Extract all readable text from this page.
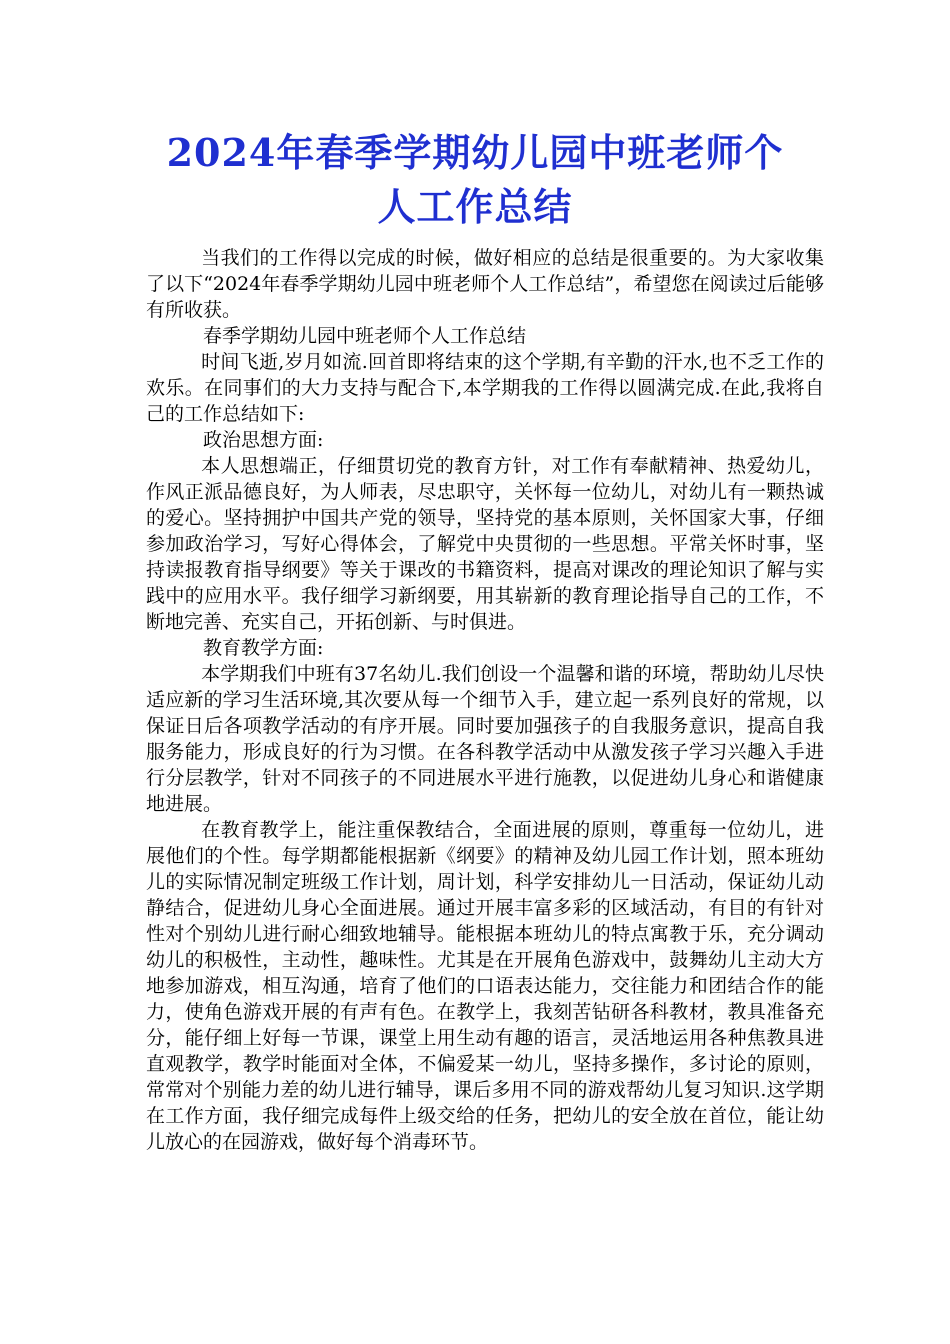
2024年春季学期幼儿园中班老师个
人工作总结

当我们的工作得以完成的时候，做好相应的总结是很重要的。为大家收集了以下“2024年春季学期幼儿园中班老师个人工作总结”，希望您在阅读过后能够有所收获。

春季学期幼儿园中班老师个人工作总结

时间飞逝,岁月如流.回首即将结束的这个学期,有辛勤的汗水,也不乏工作的欢乐。在同事们的大力支持与配合下,本学期我的工作得以圆满完成.在此,我将自己的工作总结如下:

政治思想方面:

本人思想端正，仔细贯切党的教育方针，对工作有奉献精神、热爱幼儿，作风正派品德良好，为人师表，尽忠职守，关怀每一位幼儿，对幼儿有一颗热诚的爱心。坚持拥护中国共产党的领导，坚持党的基本原则，关怀国家大事，仔细参加政治学习，写好心得体会，了解党中央贯彻的一些思想。平常关怀时事，坚持读报教育指导纲要》等关于课改的书籍资料，提高对课改的理论知识了解与实践中的应用水平。我仔细学习新纲要，用其崭新的教育理论指导自己的工作，不断地完善、充实自己，开拓创新、与时俱进。

教育教学方面:

本学期我们中班有37名幼儿.我们创设一个温馨和谐的环境，帮助幼儿尽快适应新的学习生活环境,其次要从每一个细节入手，建立起一系列良好的常规，以保证日后各项教学活动的有序开展。同时要加强孩子的自我服务意识，提高自我服务能力，形成良好的行为习惯。在各科教学活动中从激发孩子学习兴趣入手进行分层教学，针对不同孩子的不同进展水平进行施教，以促进幼儿身心和谐健康地进展。

在教育教学上，能注重保教结合，全面进展的原则，尊重每一位幼儿，进展他们的个性。每学期都能根据新《纲要》的精神及幼儿园工作计划，照本班幼儿的实际情况制定班级工作计划，周计划，科学安排幼儿一日活动，保证幼儿动静结合，促进幼儿身心全面进展。通过开展丰富多彩的区域活动，有目的有针对性对个别幼儿进行耐心细致地辅导。能根据本班幼儿的特点寓教于乐，充分调动幼儿的积极性，主动性，趣味性。尤其是在开展角色游戏中，鼓舞幼儿主动大方地参加游戏，相互沟通，培育了他们的口语表达能力，交往能力和团结合作的能力，使角色游戏开展的有声有色。在教学上，我刻苦钻研各科教材，教具准备充分，能仔细上好每一节课，课堂上用生动有趣的语言，灵活地运用各种焦教具进直观教学，教学时能面对全体，不偏爱某一幼儿，坚持多操作，多讨论的原则，常常对个别能力差的幼儿进行辅导，课后多用不同的游戏帮幼儿复习知识.这学期在工作方面，我仔细完成每件上级交给的任务，把幼儿的安全放在首位，能让幼儿放心的在园游戏，做好每个消毒环节。
